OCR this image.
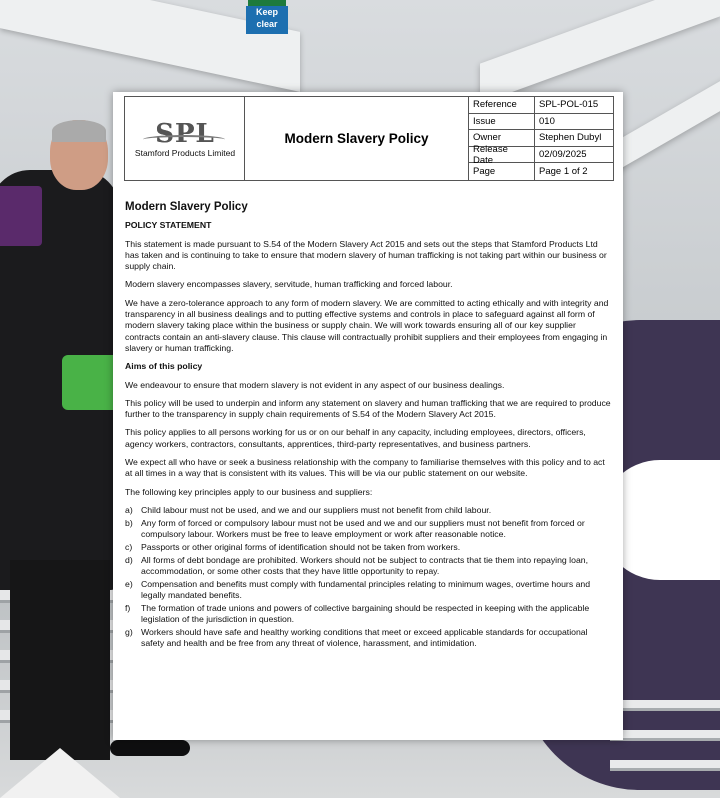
Keep clear
SPL
Stamford Products Limited
Modern Slavery Policy
Reference	SPL-POL-015
Issue	010
Owner	Stephen Dubyl
Release Date	02/09/2025
Page	Page 1 of 2
Modern Slavery Policy
POLICY STATEMENT

This statement is made pursuant to S.54 of the Modern Slavery Act 2015 and sets out the steps that Stamford Products Ltd has taken and is continuing to take to ensure that modern slavery of human trafficking is not taking part within our business or supply chain.

Modern slavery encompasses slavery, servitude, human trafficking and forced labour.

We have a zero-tolerance approach to any form of modern slavery. We are committed to acting ethically and with integrity and transparency in all business dealings and to putting effective systems and controls in place to safeguard against all form of modern slavery taking place within the business or supply chain. We will work towards ensuring all of our key supplier contracts contain an anti-slavery clause. This clause will contractually prohibit suppliers and their employees from engaging in slavery or human trafficking.

Aims of this policy

We endeavour to ensure that modern slavery is not evident in any aspect of our business dealings.

This policy will be used to underpin and inform any statement on slavery and human trafficking that we are required to produce further to the transparency in supply chain requirements of S.54 of the Modern Slavery Act 2015.

This policy applies to all persons working for us or on our behalf in any capacity, including employees, directors, officers, agency workers, contractors, consultants, apprentices, third-party representatives, and business partners.

We expect all who have or seek a business relationship with the company to familiarise themselves with this policy and to act at all times in a way that is consistent with its values. This will be via our public statement on our website.

The following key principles apply to our business and suppliers:

a) Child labour must not be used, and we and our suppliers must not benefit from child labour.
b) Any form of forced or compulsory labour must not be used and we and our suppliers must not benefit from forced or compulsory labour. Workers must be free to leave employment or work after reasonable notice.
c)	Passports or other original forms of identification should not be taken from workers.
d) All forms of debt bondage are prohibited. Workers should not be subject to contracts that tie them into repaying loan, accommodation, or some other costs that they have little opportunity to repay.
e) Compensation and benefits must comply with fundamental principles relating to minimum wages, overtime hours and legally mandated benefits.
f)	The formation of trade unions and powers of collective bargaining should be respected in keeping with the applicable legislation of the jurisdiction in question.
g) Workers should have safe and healthy working conditions that meet or exceed applicable standards for occupational safety and health and be free from any threat of violence, harassment, and intimidation.
